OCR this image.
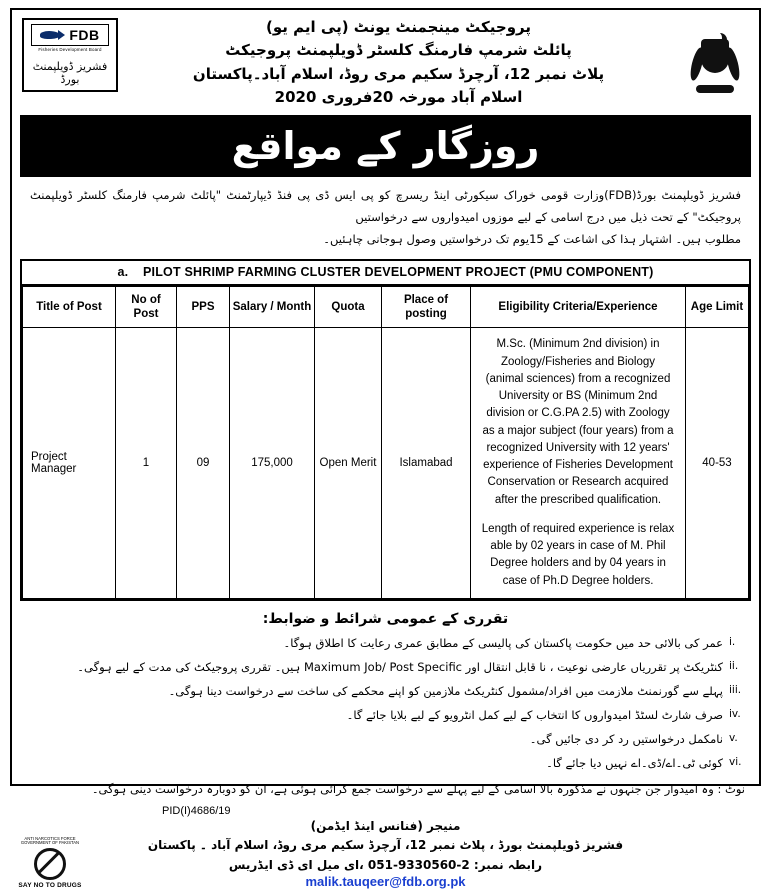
FDB
Fisheries Development Board
فشریز ڈویلپمنٹ بورڈ
پروجیکٹ مینجمنٹ یونٹ (پی ایم یو)
پائلٹ شرمپ فارمنگ کلسٹر ڈویلپمنٹ پروجیکٹ
پلاٹ نمبر 12، آرچرڈ سکیم مری روڈ، اسلام آباد۔پاکستان
اسلام آباد مورخہ 20فروری 2020
روزگار کے مواقع
فشریز ڈویلپمنٹ بورڈ(FDB)وزارت قومی خوراک سیکورٹی اینڈ ریسرچ کو پی ایس ڈی پی فنڈ ڈیپارٹمنٹ "پائلٹ شرمپ فارمنگ کلسٹر ڈویلپمنٹ پروجیکٹ" کے تحت ذیل میں درج اسامی کے لیے موزوں امیدواروں سے درخواستیں
مطلوب ہیں۔ اشتہار ہذا کی اشاعت کے 15یوم تک درخواستیں وصول ہوجانی چاہئیں۔
a. PILOT SHRIMP FARMING CLUSTER DEVELOPMENT PROJECT (PMU COMPONENT)
Title of Post	No of Post	PPS	Salary / Month	Quota	Place of posting	Eligibility Criteria/Experience	Age Limit
Project Manager	1	09	175,000	Open Merit	Islamabad	M.Sc. (Minimum 2nd division) in Zoology/Fisheries and Biology (animal sciences) from a recognized University or BS (Minimum 2nd division or C.G.PA 2.5) with Zoology as a major subject (four years) from a recognized University with 12 years' experience of Fisheries Development Conservation or Research acquired after the prescribed qualification.

Length of required experience is relax able by 02 years in case of M. Phil Degree holders and by 04 years in case of Ph.D Degree holders.	40-53
تقرری کے عمومی شرائط و ضوابط:
i.
عمر کی بالائی حد میں حکومت پاکستان کی پالیسی کے مطابق عمری رعایت کا اطلاق ہوگا۔
ii.
کنٹریکٹ پر تقرریاں عارضی نوعیت ، نا قابل انتقال اور Maximum Job/ Post Specific ہیں۔ تقرری پروجیکٹ کی مدت کے لیے ہوگی۔
iii.
پہلے سے گورنمنٹ ملازمت میں افراد/مشمول کنٹریکٹ ملازمین کو اپنے محکمے کی ساخت سے درخواست دینا ہوگی۔
iv.
صرف شارٹ لسٹڈ امیدواروں کا انتخاب کے لیے کمل انٹرویو کے لیے بلایا جائے گا۔
v.
نامکمل درخواستیں رد کر دی جائیں گی۔
vi.
کوئی ٹی۔اے/ڈی۔اے نہیں دیا جائے گا۔
نوٹ : وہ امیدوار جن جنہوں نے مذکورہ بالا اسامی کے لیے پہلے سے درخواست جمع کرائی ہوئی ہے، ان کو دوبارہ درخواست دینی ہوگی۔
PID(I)4686/19
ANTI NARCOTICS FORCE GOVERNMENT OF PAKISTAN
SAY NO TO DRUGS
منیجر (فنانس اینڈ ایڈمن)
فشریز ڈویلپمنٹ بورڈ ، پلاٹ نمبر 12، آرچرڈ سکیم مری روڈ، اسلام آباد ۔ پاکستان
رابطہ نمبر: 2-9330560-051 ،ای میل ای ڈی ایڈریس
malik.tauqeer@fdb.org.pk
